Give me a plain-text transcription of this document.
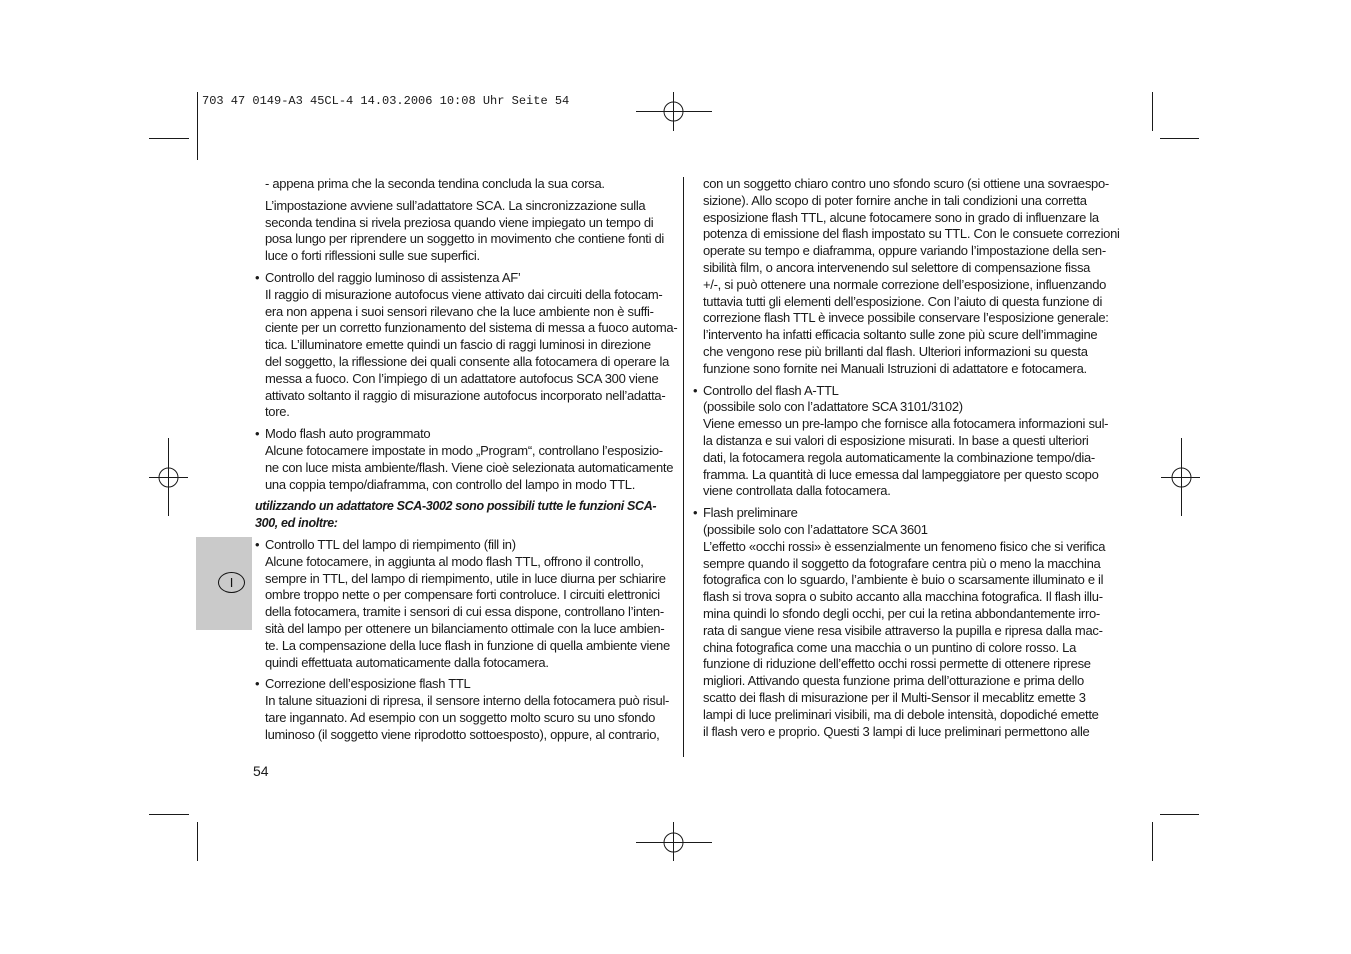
703 47 0149-A3 45CL-4 14.03.2006 10:08 Uhr Seite 54
I
- appena prima che la seconda tendina concluda la sua corsa.
L’impostazione avviene sull’adattatore SCA. La sincronizzazione sulla
seconda tendina si rivela preziosa quando viene impiegato un tempo di
posa lungo per riprendere un soggetto in movimento che contiene fonti di
luce o forti riflessioni sulle sue superfici.
• Controllo del raggio luminoso di assistenza AF’
Il raggio di misurazione autofocus viene attivato dai circuiti della fotocam-
era non appena i suoi sensori rilevano che la luce ambiente non è suffi-
ciente per un corretto funzionamento del sistema di messa a fuoco automa-
tica. L’illuminatore emette quindi un fascio di raggi luminosi in direzione
del soggetto, la riflessione dei quali consente alla fotocamera di operare la
messa a fuoco. Con l’impiego di un adattatore autofocus SCA 300 viene
attivato soltanto il raggio di misurazione autofocus incorporato nell’adatta-
tore.
• Modo flash auto programmato
Alcune fotocamere impostate in modo „Program“, controllano l’esposizio-
ne con luce mista ambiente/flash. Viene cioè selezionata automaticamente
una coppia tempo/diaframma, con controllo del lampo in modo TTL.
utilizzando un adattatore SCA-3002 sono possibili tutte le funzioni SCA-
300, ed inoltre:
• Controllo TTL del lampo di riempimento (fill in)
Alcune fotocamere, in aggiunta al modo flash TTL, offrono il controllo,
sempre in TTL, del lampo di riempimento, utile in luce diurna per schiarire
ombre troppo nette o per compensare forti controluce. I circuiti elettronici
della fotocamera, tramite i sensori di cui essa dispone, controllano l’inten-
sità del lampo per ottenere un bilanciamento ottimale con la luce ambien-
te. La compensazione della luce flash in funzione di quella ambiente viene
quindi effettuata automaticamente dalla fotocamera.
• Correzione dell’esposizione flash TTL
In talune situazioni di ripresa, il sensore interno della fotocamera può risul-
tare ingannato. Ad esempio con un soggetto molto scuro su uno sfondo
luminoso (il soggetto viene riprodotto sottoesposto), oppure, al contrario,
con un soggetto chiaro contro uno sfondo scuro (si ottiene una sovraespo-
sizione). Allo scopo di poter fornire anche in tali condizioni una corretta
esposizione flash TTL, alcune fotocamere sono in grado di influenzare la
potenza di emissione del flash impostato su TTL. Con le consuete correzioni
operate su tempo e diaframma, oppure variando l’impostazione della sen-
sibilità film, o ancora intervenendo sul selettore di compensazione fissa
+/-, si può ottenere una normale correzione dell’esposizione, influenzando
tuttavia tutti gli elementi dell’esposizione. Con l’aiuto di questa funzione di
correzione flash TTL è invece possibile conservare l’esposizione generale:
l’intervento ha infatti efficacia soltanto sulle zone più scure dell’immagine
che vengono rese più brillanti dal flash. Ulteriori informazioni su questa
funzione sono fornite nei Manuali Istruzioni di adattatore e fotocamera.
• Controllo del flash A-TTL
(possibile solo con l’adattatore SCA 3101/3102)
Viene emesso un pre-lampo che fornisce alla fotocamera informazioni sul-
la distanza e sui valori di esposizione misurati. In base a questi ulteriori
dati, la fotocamera regola automaticamente la combinazione tempo/dia-
framma. La quantità di luce emessa dal lampeggiatore per questo scopo
viene controllata dalla fotocamera.
• Flash preliminare
(possibile solo con l’adattatore SCA 3601
L’effetto «occhi rossi» è essenzialmente un fenomeno fisico che si verifica
sempre quando il soggetto da fotografare centra più o meno la macchina
fotografica con lo sguardo, l’ambiente è buio o scarsamente illuminato e il
flash si trova sopra o subito accanto alla macchina fotografica. Il flash illu-
mina quindi lo sfondo degli occhi, per cui la retina abbondantemente irro-
rata di sangue viene resa visibile attraverso la pupilla e ripresa dalla mac-
china fotografica come una macchia o un puntino di colore rosso. La
funzione di riduzione dell’effetto occhi rossi permette di ottenere riprese
migliori. Attivando questa funzione prima dell’otturazione e prima dello
scatto dei flash di misurazione per il Multi-Sensor il mecablitz emette 3
lampi di luce preliminari visibili, ma di debole intensità, dopodiché emette
il flash vero e proprio. Questi 3 lampi di luce preliminari permettono alle
54
